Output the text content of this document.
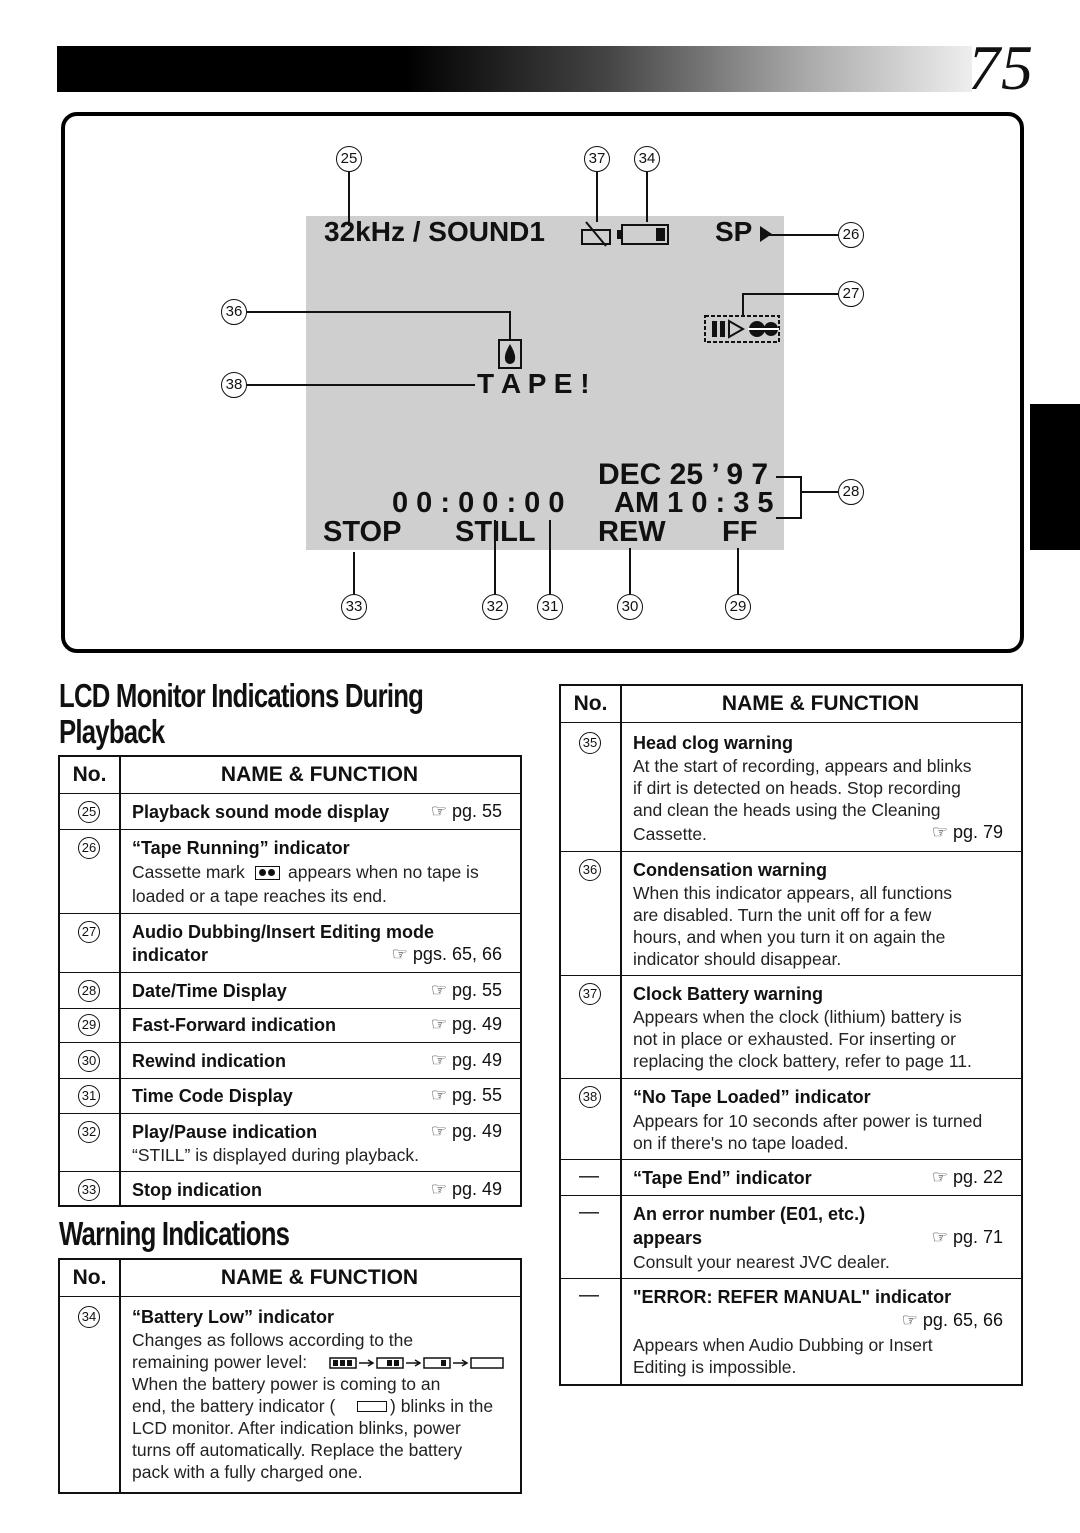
75
32kHz / SOUND1	SP
T A P E !
DEC 25 ’ 9 7
0 0 : 0 0 : 0 0 AM 1 0 : 3 5
STOP STILL REW FF
25	37	34
26
27
36
38
28
33	32	31	30	29
LCD Monitor Indications During
Playback
No.	NAME & FUNCTION
25 Playback sound mode display ☞ pg. 55
26 “Tape Running” indicator
Cassette mark appears when no tape is
loaded or a tape reaches its end.
27 Audio Dubbing/Insert Editing mode
indicator	☞ pgs. 65, 66
28 Date/Time Display	☞ pg. 55
29 Fast-Forward indication	☞ pg. 49
30 Rewind indication	☞ pg. 49
31 Time Code Display	☞ pg. 55
32 Play/Pause indication	☞ pg. 49
“STILL” is displayed during playback.
33 Stop indication	☞ pg. 49
Warning Indications
No.	NAME & FUNCTION
34 “Battery Low” indicator
Changes as follows according to the
remaining power level:
When the battery power is coming to an
end, the battery indicator (	) blinks in the
LCD monitor. After indication blinks, power
turns off automatically. Replace the battery
pack with a fully charged one.
No.	NAME & FUNCTION
35 Head clog warning
At the start of recording, appears and blinks
if dirt is detected on heads. Stop recording
and clean the heads using the Cleaning
Cassette.	☞ pg. 79
36 Condensation warning
When this indicator appears, all functions
are disabled. Turn the unit off for a few
hours, and when you turn it on again the
indicator should disappear.
37 Clock Battery warning
Appears when the clock (lithium) battery is
not in place or exhausted. For inserting or
replacing the clock battery, refer to page 11.
38 “No Tape Loaded” indicator
Appears for 10 seconds after power is turned
on if there's no tape loaded.
— “Tape End” indicator	☞ pg. 22
— An error number (E01, etc.)
appears	☞ pg. 71
Consult your nearest JVC dealer.
— "ERROR: REFER MANUAL" indicator
☞ pg. 65, 66
Appears when Audio Dubbing or Insert
Editing is impossible.
